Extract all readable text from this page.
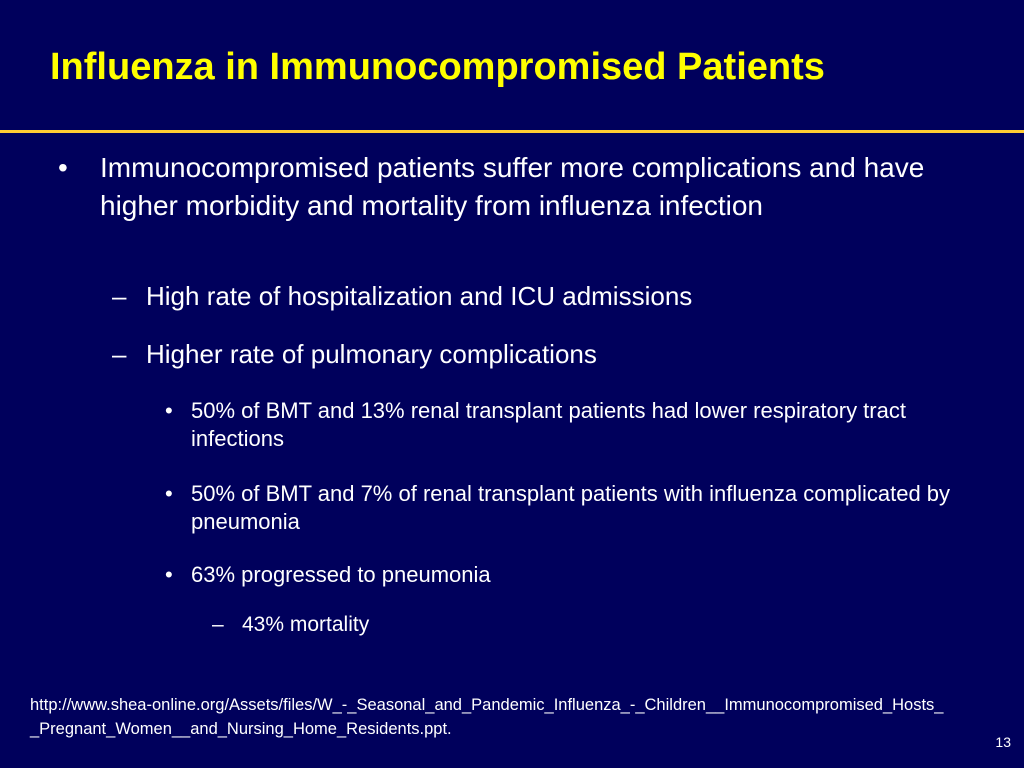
Influenza in Immunocompromised Patients
• Immunocompromised patients suffer more complications and have higher morbidity and mortality from influenza infection
– High rate of hospitalization and ICU admissions
– Higher rate of pulmonary complications
• 50% of BMT and 13% renal transplant patients had lower respiratory tract infections
• 50% of BMT and 7% of renal transplant patients with influenza complicated by pneumonia
• 63% progressed to pneumonia
– 43% mortality
http://www.shea-online.org/Assets/files/W_-_Seasonal_and_Pandemic_Influenza_-_Children__Immunocompromised_Hosts__Pregnant_Women__and_Nursing_Home_Residents.ppt.
13
